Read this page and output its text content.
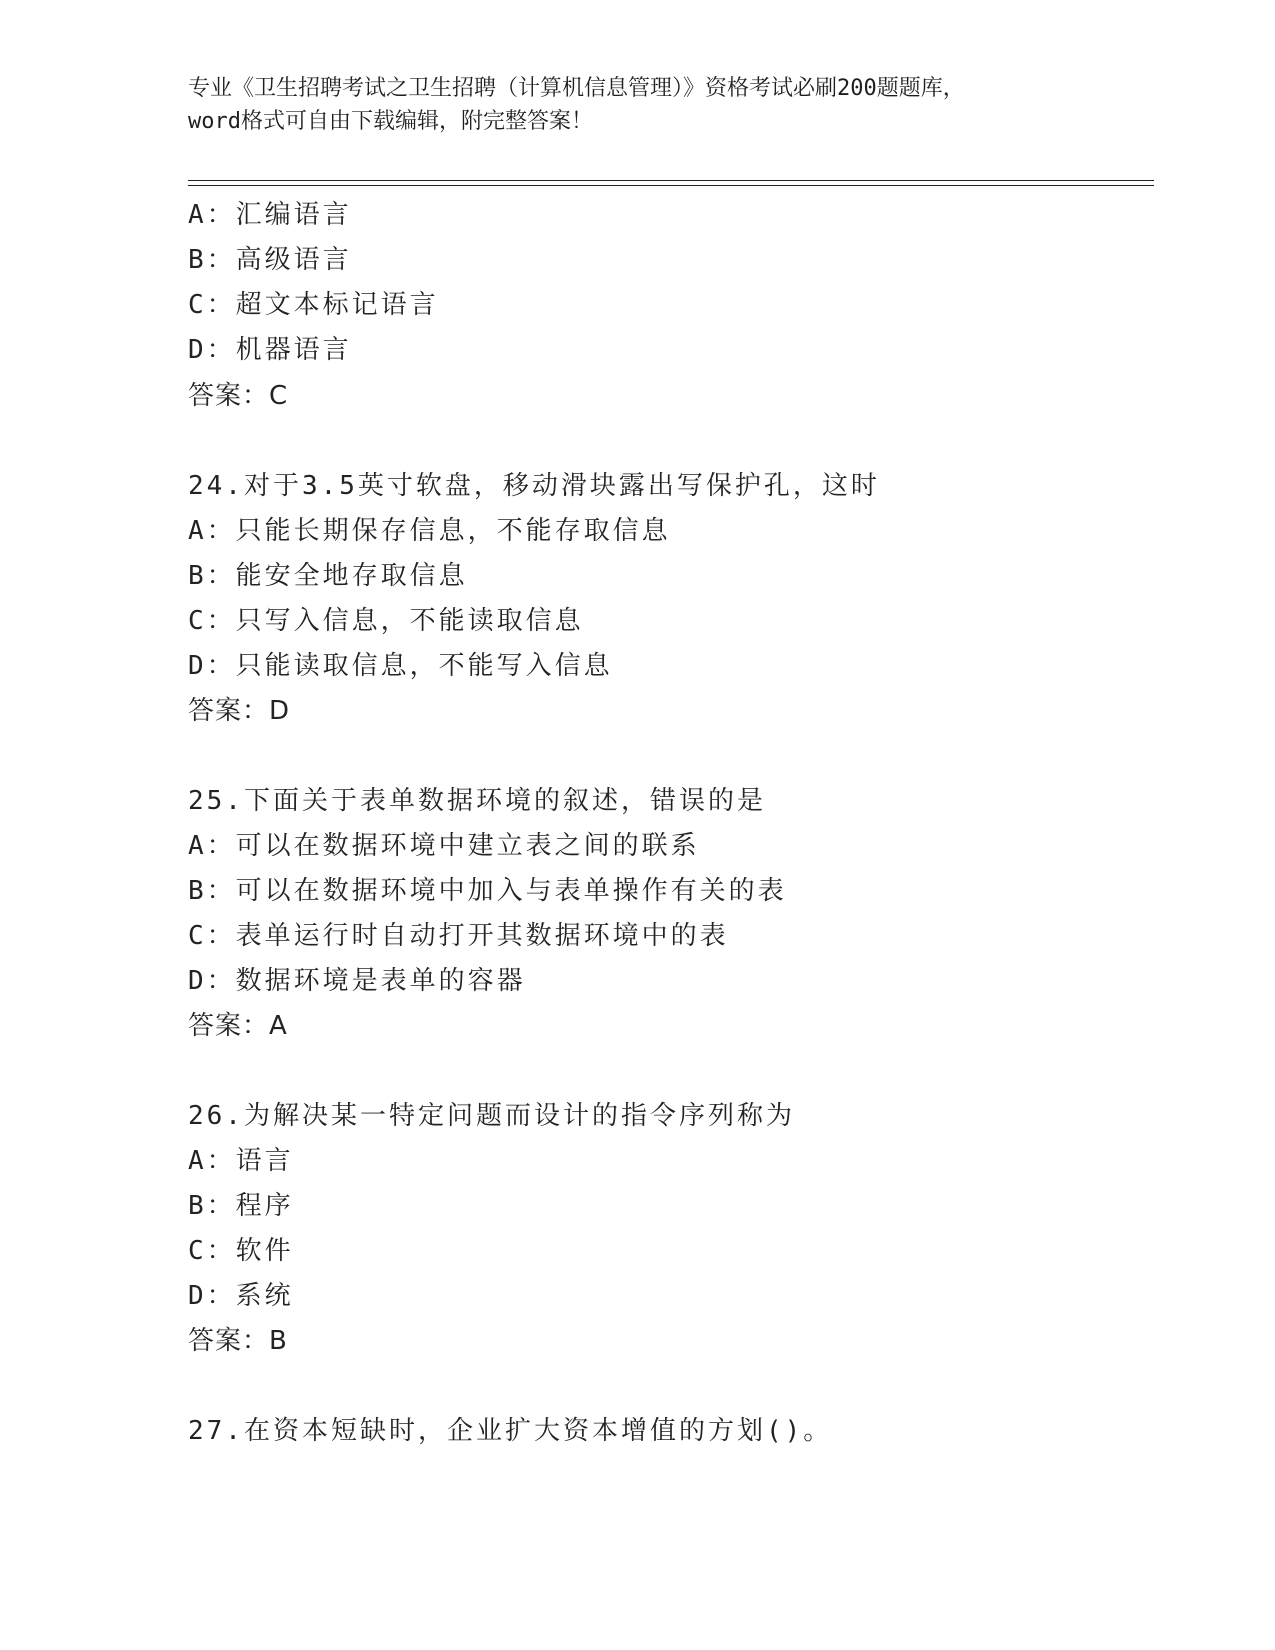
专业《卫生招聘考试之卫生招聘（计算机信息管理）》资格考试必刷200题题库，
word格式可自由下载编辑，附完整答案！
A：汇编语言
B：高级语言
C：超文本标记语言
D：机器语言
答案：C
24.对于3.5英寸软盘，移动滑块露出写保护孔，这时
A：只能长期保存信息，不能存取信息
B：能安全地存取信息
C：只写入信息，不能读取信息
D：只能读取信息，不能写入信息
答案：D
25.下面关于表单数据环境的叙述，错误的是
A：可以在数据环境中建立表之间的联系
B：可以在数据环境中加入与表单操作有关的表
C：表单运行时自动打开其数据环境中的表
D：数据环境是表单的容器
答案：A
26.为解决某一特定问题而设计的指令序列称为
A：语言
B：程序
C：软件
D：系统
答案：B
27.在资本短缺时，企业扩大资本增值的方划()。
